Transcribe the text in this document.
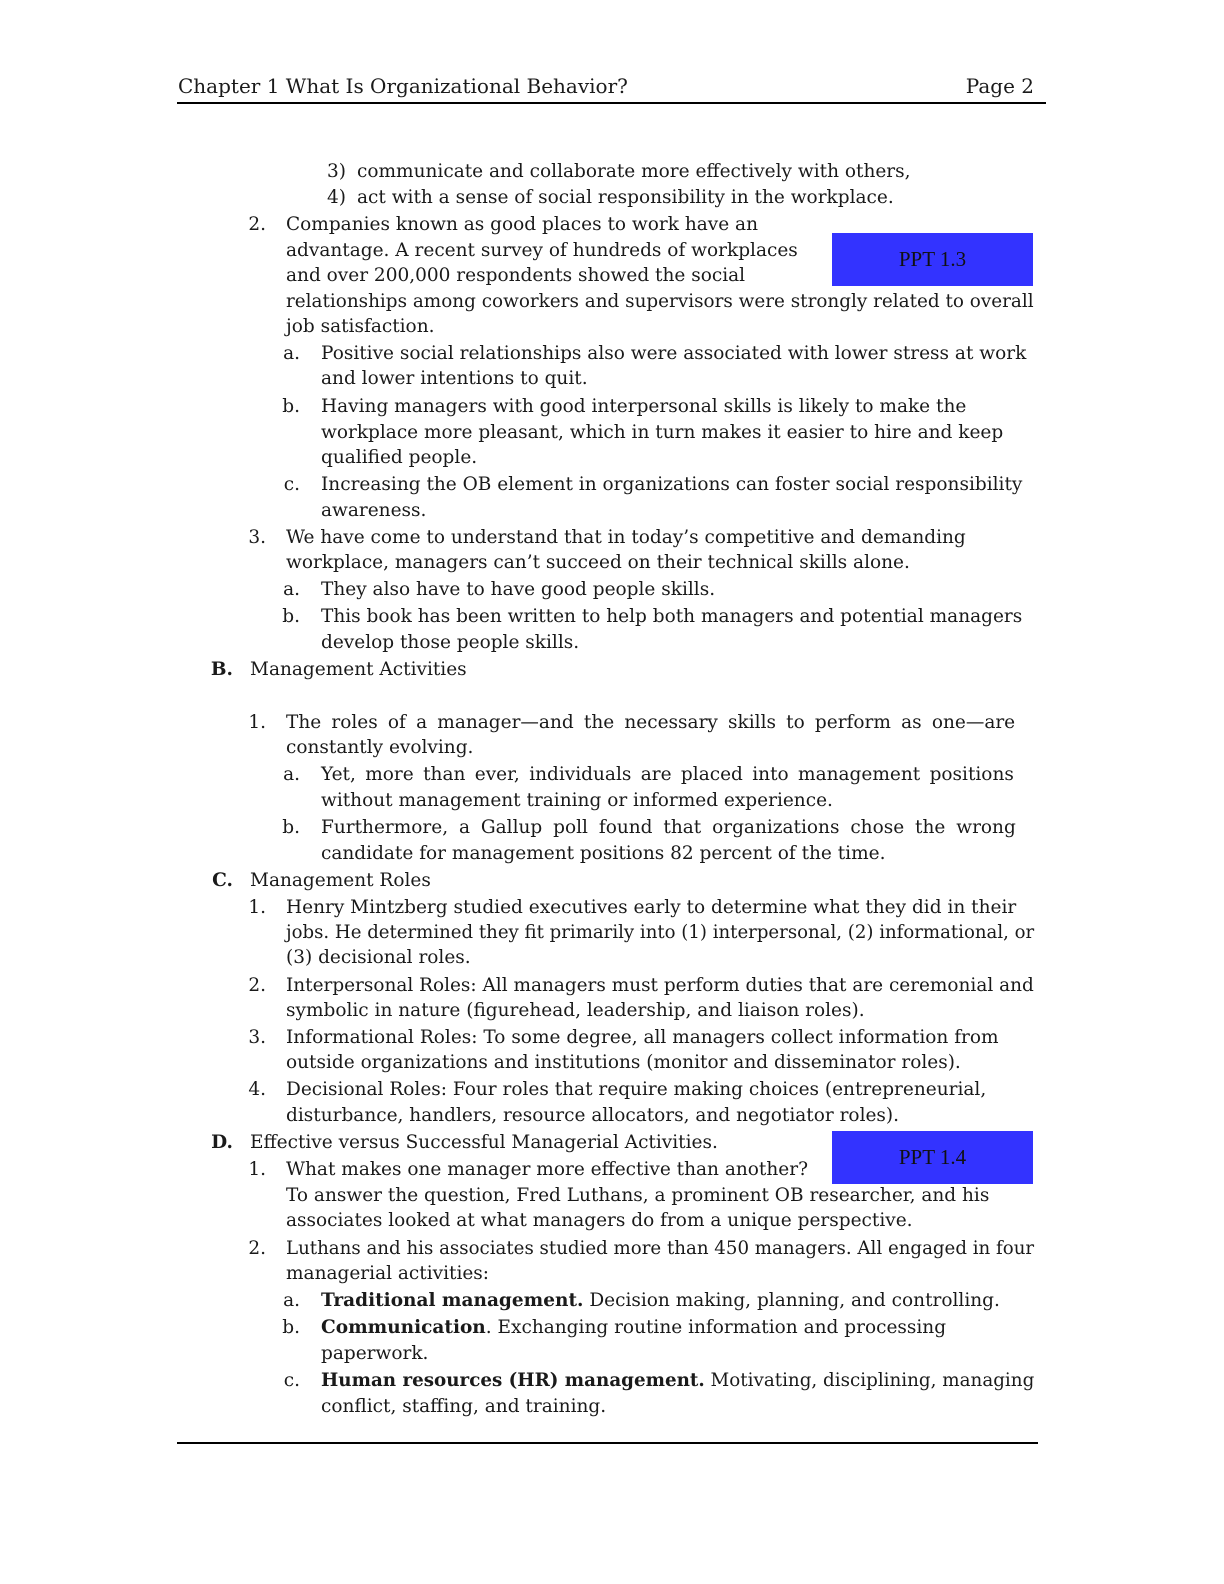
Chapter 1 What Is Organizational Behavior?	Page 2
PPT 1.3
PPT 1.4
3) communicate and collaborate more effectively with others,
4) act with a sense of social responsibility in the workplace.
2. Companies known as good places to work have an
advantage. A recent survey of hundreds of workplaces
and over 200,000 respondents showed the social
relationships among coworkers and supervisors were strongly related to overall
job satisfaction.
a. Positive social relationships also were associated with lower stress at work
and lower intentions to quit.
b. Having managers with good interpersonal skills is likely to make the
workplace more pleasant, which in turn makes it easier to hire and keep
qualified people.
c. Increasing the OB element in organizations can foster social responsibility
awareness.
3. We have come to understand that in today’s competitive and demanding
workplace, managers can’t succeed on their technical skills alone.
a. They also have to have good people skills.
b. This book has been written to help both managers and potential managers
develop those people skills.
B. Management Activities
1. The roles of a manager—and the necessary skills to perform as one—are
constantly evolving.
a. Yet, more than ever, individuals are placed into management positions
without management training or informed experience.
b. Furthermore, a Gallup poll found that organizations chose the wrong
candidate for management positions 82 percent of the time.
C. Management Roles
1. Henry Mintzberg studied executives early to determine what they did in their
jobs. He determined they fit primarily into (1) interpersonal, (2) informational, or
(3) decisional roles.
2. Interpersonal Roles: All managers must perform duties that are ceremonial and
symbolic in nature (figurehead, leadership, and liaison roles).
3. Informational Roles: To some degree, all managers collect information from
outside organizations and institutions (monitor and disseminator roles).
4. Decisional Roles: Four roles that require making choices (entrepreneurial,
disturbance, handlers, resource allocators, and negotiator roles).
D. Effective versus Successful Managerial Activities.
1. What makes one manager more effective than another?
To answer the question, Fred Luthans, a prominent OB researcher, and his
associates looked at what managers do from a unique perspective.
2. Luthans and his associates studied more than 450 managers. All engaged in four
managerial activities:
a. Traditional management. Decision making, planning, and controlling.
b. Communication. Exchanging routine information and processing
paperwork.
c. Human resources (HR) management. Motivating, disciplining, managing
conflict, staffing, and training.
